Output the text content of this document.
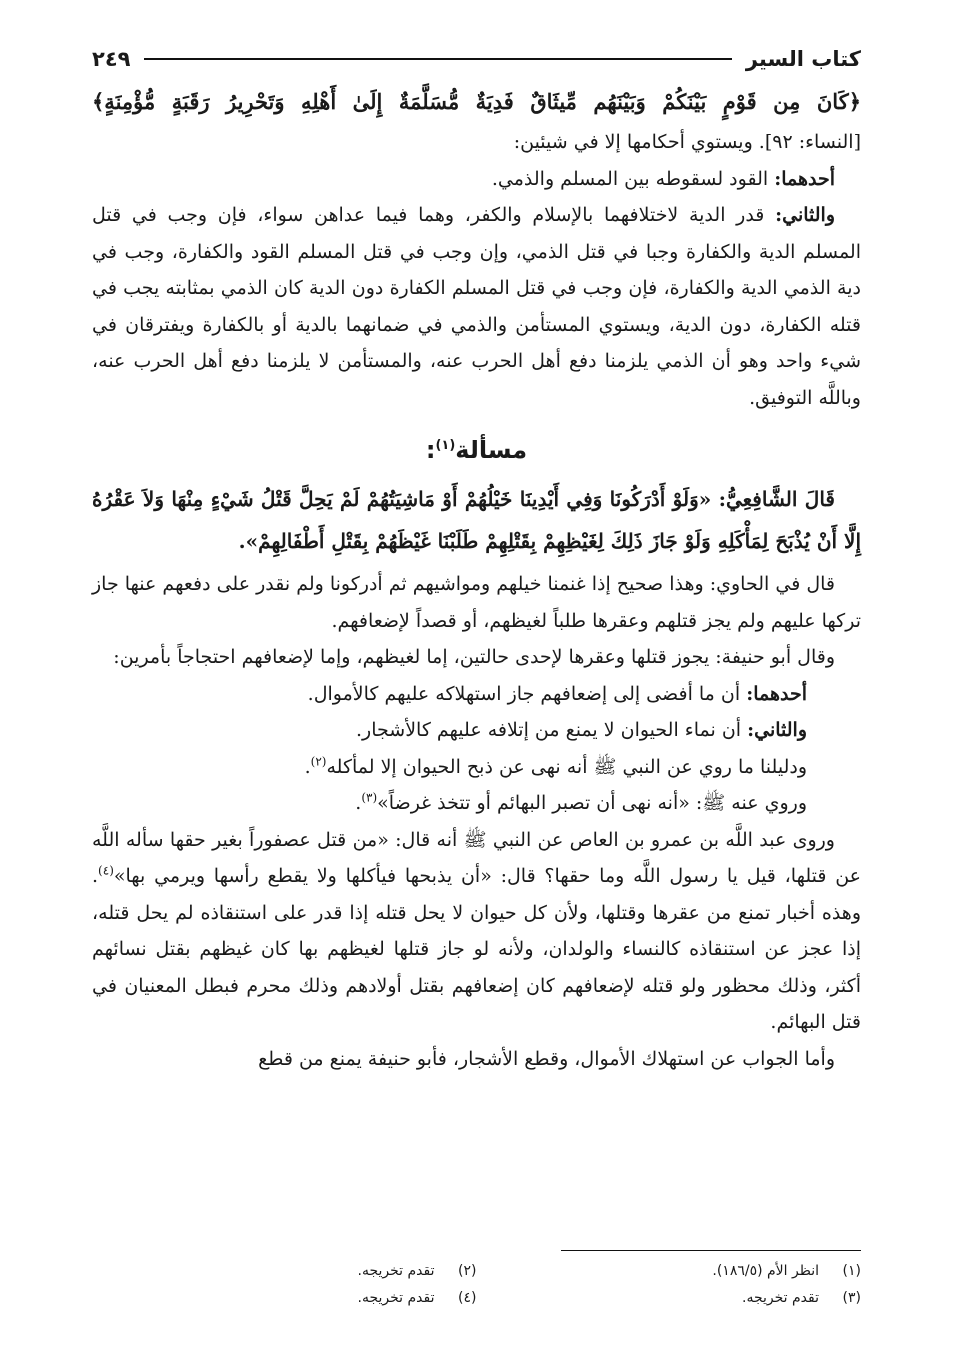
كتاب السير
٢٤٩

﴿كَانَ مِن قَوْمٍ بَيْنَكُمْ وَبَيْنَهُم مِّيثَاقٌ فَدِيَةٌ مُّسَلَّمَةٌ إِلَىٰ أَهْلِهِ وَتَحْرِيرُ رَقَبَةٍ مُّؤْمِنَةٍ﴾

[النساء: ٩٢]. ويستوي أحكامها إلا في شيئين:

أحدهما: القود لسقوطه بين المسلم والذمي.

والثاني: قدر الدية لاختلافهما بالإسلام والكفر، وهما فيما عداهن سواء، فإن وجب في قتل المسلم الدية والكفارة وجبا في قتل الذمي، وإن وجب في قتل المسلم القود والكفارة، وجب في دية الذمي الدية والكفارة، فإن وجب في قتل المسلم الكفارة دون الدية كان الذمي بمثابته يجب في قتله الكفارة، دون الدية، ويستوي المستأمن والذمي في ضمانهما بالدية أو بالكفارة ويفترقان في شيء واحد وهو أن الذمي يلزمنا دفع أهل الحرب عنه، والمستأمن لا يلزمنا دفع أهل الحرب عنه، وباللَّه التوفيق.

مسألة$^{(١)}$:

قَالَ الشَّافِعِيُّ: «وَلَوْ أَدْرَكُونَا وَفِي أَيْدِينَا خَيْلُهُمْ أَوْ مَاشِيَتُهُمْ لَمْ يَحِلَّ قَتْلُ شَيْءٍ مِنْهَا وَلاَ عَقْرُهُ إِلَّا أَنْ يُذْبَحَ لِمَأْكَلِهِ وَلَوْ جَازَ ذَلِكَ لِغَيْظِهِمْ بِقَتْلِهِمْ طَلَبْنَا غَيْظَهُمْ بِقَتْلِ أَطْفَالِهِمْ».

قال في الحاوي: وهذا صحيح إذا غنمنا خيلهم ومواشيهم ثم أدركونا ولم نقدر على دفعهم عنها جاز تركها عليهم ولم يجز قتلهم وعقرها طلباً لغيظهم، أو قصداً لإضعافهم.

وقال أبو حنيفة: يجوز قتلها وعقرها لإحدى حالتين، إما لغيظهم، وإما لإضعافهم احتجاجاً بأمرين:

أحدهما: أن ما أفضى إلى إضعافهم جاز استهلاكه عليهم كالأموال.

والثاني: أن نماء الحيوان لا يمنع من إتلافه عليهم كالأشجار.

ودليلنا ما روي عن النبي ﷺ أنه نهى عن ذبح الحيوان إلا لمأكله$^{(٢)}$.

وروي عنه ﷺ: «أنه نهى أن تصبر البهائم أو تتخذ غرضاً»$^{(٣)}$.

وروى عبد اللَّه بن عمرو بن العاص عن النبي ﷺ أنه قال: «من قتل عصفوراً بغير حقها سأله اللَّه عن قتلها، قيل يا رسول اللَّه وما حقها؟ قال: «أن يذبحها فيأكلها ولا يقطع رأسها ويرمي بها»$^{(٤)}$. وهذه أخبار تمنع من عقرها وقتلها، ولأن كل حيوان لا يحل قتله إذا قدر على استنقاذه لم يحل قتله، إذا عجز عن استنقاذه كالنساء والولدان، ولأنه لو جاز قتلها لغيظهم بها كان غيظهم بقتل نسائهم أكثر، وذلك محظور ولو قتله لإضعافهم كان إضعافهم بقتل أولادهم وذلك محرم فبطل المعنيان في قتل البهائم.

وأما الجواب عن استهلاك الأموال، وقطع الأشجار، فأبو حنيفة يمنع من قطع

(١)
انظر الأم (١٨٦/٥).
(٢)
تقدم تخريجه.
(٣)
تقدم تخريجه.
(٤)
تقدم تخريجه.
